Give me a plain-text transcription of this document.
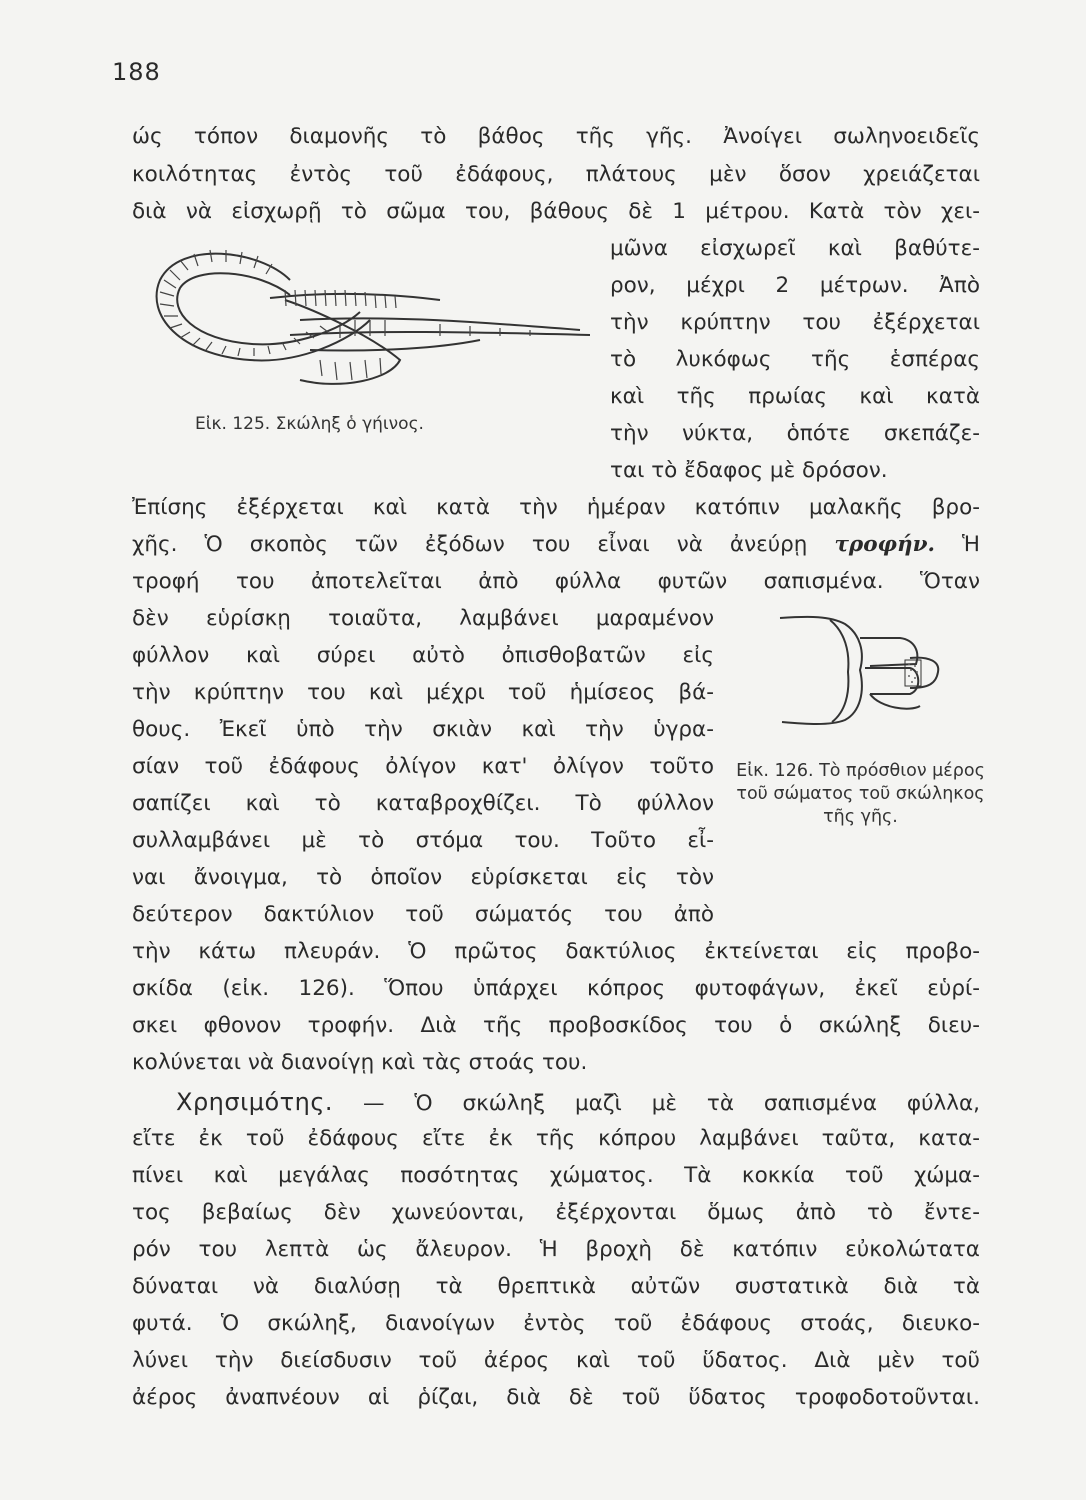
188
ώς τόπον διαμονῆς τὸ βάθος τῆς γῆς. Ἀνοίγει σωληνοειδεῖς
κοιλότητας ἐντὸς τοῦ ἐδάφους, πλάτους μὲν ὅσον χρειάζεται
διὰ νὰ εἰσχωρῇ τὸ σῶμα του, βάθους δὲ 1 μέτρου. Κατὰ τὸν χει-
μῶνα εἰσχωρεῖ καὶ βαθύτε-
ρον, μέχρι 2 μέτρων. Ἀπὸ
τὴν κρύπτην του ἐξέρχεται
τὸ λυκόφως τῆς ἑσπέρας
καὶ τῆς πρωίας καὶ κατὰ
τὴν νύκτα, ὁπότε σκεπάζε-
ται τὸ ἔδαφος μὲ δρόσον.
Εἰκ. 125. Σκώληξ ὁ γήινος.
Ἐπίσης ἐξέρχεται καὶ κατὰ τὴν ἡμέραν κατόπιν μαλακῆς βρο-
χῆς. Ὁ σκοπὸς τῶν ἐξόδων του εἶναι νὰ ἀνεύρῃ τροφήν. Ἡ
τροφή του ἀποτελεῖται ἀπὸ φύλλα φυτῶν σαπισμένα. Ὅταν
δὲν εὑρίσκῃ τοιαῦτα, λαμβάνει μαραμένον
φύλλον καὶ σύρει αὐτὸ ὀπισθοβατῶν εἰς
τὴν κρύπτην του καὶ μέχρι τοῦ ἡμίσεος βά-
θους. Ἐκεῖ ὑπὸ τὴν σκιὰν καὶ τὴν ὑγρα-
σίαν τοῦ ἐδάφους ὀλίγον κατ' ὀλίγον τοῦτο
σαπίζει καὶ τὸ καταβροχθίζει. Τὸ φύλλον
συλλαμβάνει μὲ τὸ στόμα του. Τοῦτο εἶ-
ναι ἄνοιγμα, τὸ ὁποῖον εὑρίσκεται εἰς τὸν
δεύτερον δακτύλιον τοῦ σώματός του ἀπὸ
Εἰκ. 126. Τὸ πρόσθιον μέρος τοῦ σώματος τοῦ σκώληκος τῆς γῆς.
τὴν κάτω πλευράν. Ὁ πρῶτος δακτύλιος ἐκτείνεται εἰς προβο-
σκίδα (εἰκ. 126). Ὅπου ὑπάρχει κόπρος φυτοφάγων, ἐκεῖ εὑρί-
σκει φθονον τροφήν. Διὰ τῆς προβοσκίδος του ὁ σκώληξ διευ-
κολύνεται νὰ διανοίγῃ καὶ τὰς στοάς του.
Χρησιμότης. — Ὁ σκώληξ μαζὶ μὲ τὰ σαπισμένα φύλλα,
εἴτε ἐκ τοῦ ἐδάφους εἴτε ἐκ τῆς κόπρου λαμβάνει ταῦτα, κατα-
πίνει καὶ μεγάλας ποσότητας χώματος. Τὰ κοκκία τοῦ χώμα-
τος βεβαίως δὲν χωνεύονται, ἐξέρχονται ὅμως ἀπὸ τὸ ἔντε-
ρόν του λεπτὰ ὡς ἄλευρον. Ἡ βροχὴ δὲ κατόπιν εὐκολώτατα
δύναται νὰ διαλύσῃ τὰ θρεπτικὰ αὐτῶν συστατικὰ διὰ τὰ
φυτά. Ὁ σκώληξ, διανοίγων ἐντὸς τοῦ ἐδάφους στοάς, διευκο-
λύνει τὴν διείσδυσιν τοῦ ἀέρος καὶ τοῦ ὕδατος. Διὰ μὲν τοῦ
ἀέρος ἀναπνέουν αἱ ῥίζαι, διὰ δὲ τοῦ ὕδατος τροφοδοτοῦνται.
